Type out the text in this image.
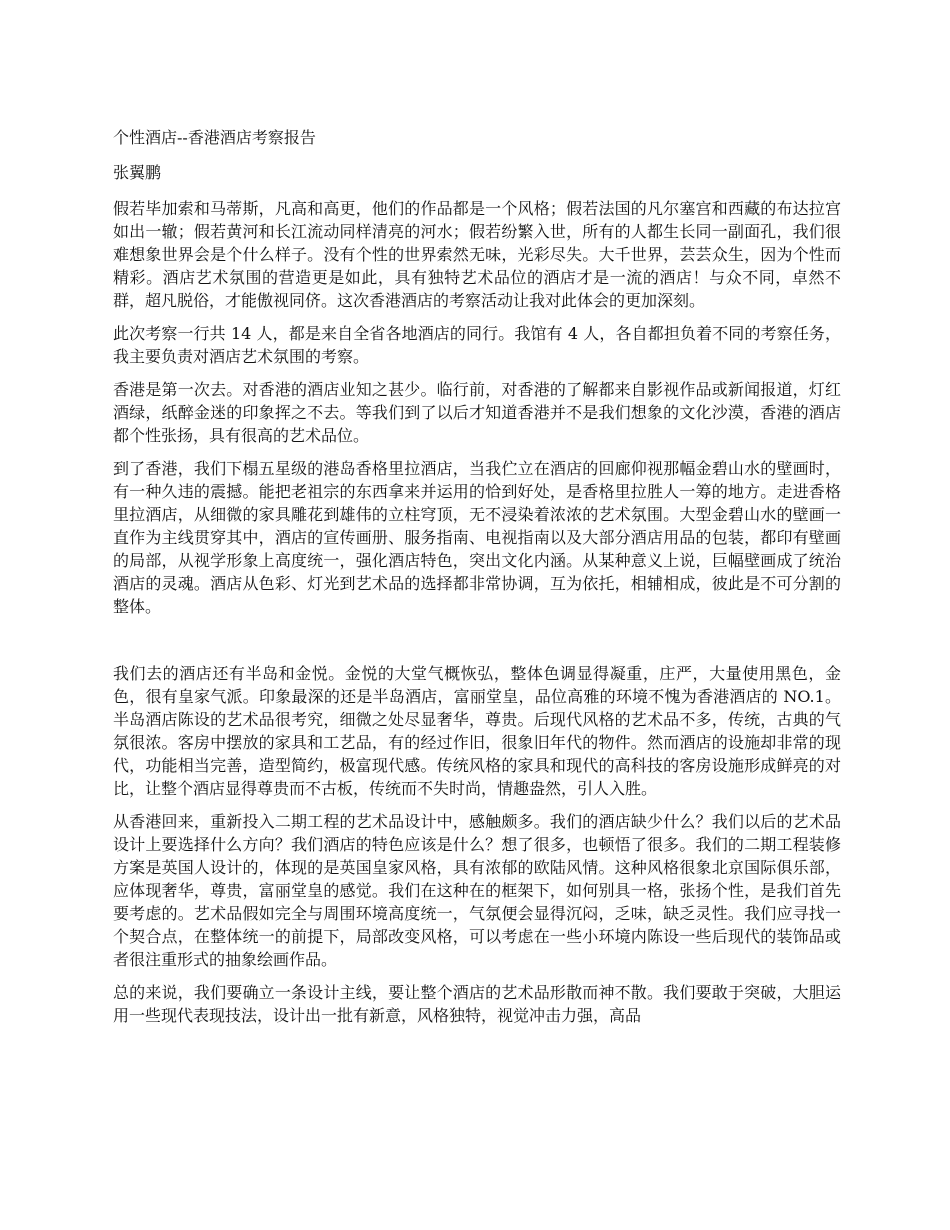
个性酒店--香港酒店考察报告

张翼鹏

假若毕加索和马蒂斯，凡高和高更，他们的作品都是一个风格；假若法国的凡尔塞宫和西藏的布达拉宫如出一辙；假若黄河和长江流动同样清亮的河水；假若纷繁入世，所有的人都生长同一副面孔，我们很难想象世界会是个什么样子。没有个性的世界索然无味，光彩尽失。大千世界，芸芸众生，因为个性而精彩。酒店艺术氛围的营造更是如此，具有独特艺术品位的酒店才是一流的酒店！与众不同，卓然不群，超凡脱俗，才能傲视同侪。这次香港酒店的考察活动让我对此体会的更加深刻。

此次考察一行共 14 人，都是来自全省各地酒店的同行。我馆有 4 人，各自都担负着不同的考察任务，我主要负责对酒店艺术氛围的考察。

香港是第一次去。对香港的酒店业知之甚少。临行前，对香港的了解都来自影视作品或新闻报道，灯红酒绿，纸醉金迷的印象挥之不去。等我们到了以后才知道香港并不是我们想象的文化沙漠，香港的酒店都个性张扬，具有很高的艺术品位。

到了香港，我们下榻五星级的港岛香格里拉酒店，当我伫立在酒店的回廊仰视那幅金碧山水的壁画时，有一种久违的震撼。能把老祖宗的东西拿来并运用的恰到好处，是香格里拉胜人一筹的地方。走进香格里拉酒店，从细微的家具雕花到雄伟的立柱穹顶，无不浸染着浓浓的艺术氛围。大型金碧山水的壁画一直作为主线贯穿其中，酒店的宣传画册、服务指南、电视指南以及大部分酒店用品的包装，都印有壁画的局部，从视学形象上高度统一，强化酒店特色，突出文化内涵。从某种意义上说，巨幅壁画成了统治酒店的灵魂。酒店从色彩、灯光到艺术品的选择都非常协调，互为依托，相辅相成，彼此是不可分割的整体。

我们去的酒店还有半岛和金悦。金悦的大堂气概恢弘，整体色调显得凝重，庄严，大量使用黑色，金色，很有皇家气派。印象最深的还是半岛酒店，富丽堂皇，品位高雅的环境不愧为香港酒店的 NO.1。半岛酒店陈设的艺术品很考究，细微之处尽显奢华，尊贵。后现代风格的艺术品不多，传统，古典的气氛很浓。客房中摆放的家具和工艺品，有的经过作旧，很象旧年代的物件。然而酒店的设施却非常的现代，功能相当完善，造型简约，极富现代感。传统风格的家具和现代的高科技的客房设施形成鲜亮的对比，让整个酒店显得尊贵而不古板，传统而不失时尚，情趣盎然，引人入胜。

从香港回来，重新投入二期工程的艺术品设计中，感触颇多。我们的酒店缺少什么？我们以后的艺术品设计上要选择什么方向？我们酒店的特色应该是什么？想了很多，也顿悟了很多。我们的二期工程装修方案是英国人设计的，体现的是英国皇家风格，具有浓郁的欧陆风情。这种风格很象北京国际俱乐部，应体现奢华，尊贵，富丽堂皇的感觉。我们在这种在的框架下，如何别具一格，张扬个性，是我们首先要考虑的。艺术品假如完全与周围环境高度统一，气氛便会显得沉闷，乏味，缺乏灵性。我们应寻找一个契合点，在整体统一的前提下，局部改变风格，可以考虑在一些小环境内陈设一些后现代的装饰品或者很注重形式的抽象绘画作品。

总的来说，我们要确立一条设计主线，要让整个酒店的艺术品形散而神不散。我们要敢于突破，大胆运用一些现代表现技法，设计出一批有新意，风格独特，视觉冲击力强，高品
